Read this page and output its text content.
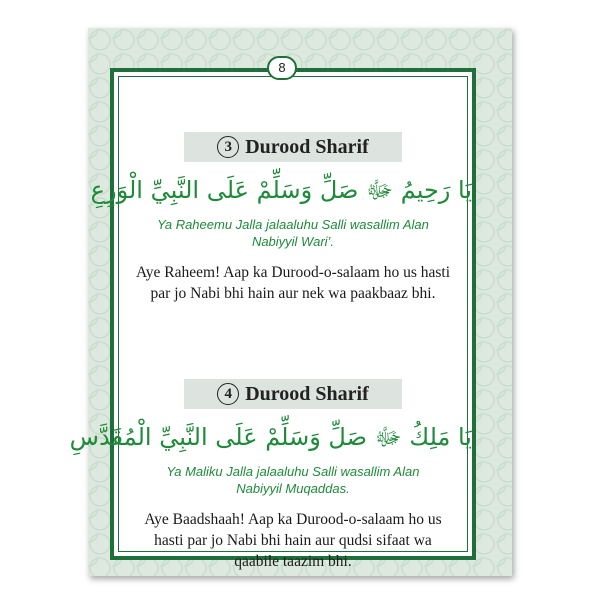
8
3 Durood Sharif
يَا رَحِيمُ ﷻ صَلِّ وَسَلِّمْ عَلَى النَّبِيِّ الْوَرِعِ
Ya Raheemu Jalla jalaaluhu Salli wasallim Alan Nabiyyil Wari’.
Aye Raheem! Aap ka Durood-o-salaam ho us hasti par jo Nabi bhi hain aur nek wa paakbaaz bhi.
4 Durood Sharif
يَا مَلِكُ ﷻ صَلِّ وَسَلِّمْ عَلَى النَّبِيِّ الْمُقَدَّسِ
Ya Maliku Jalla jalaaluhu Salli wasallim Alan Nabiyyil Muqaddas.
Aye Baadshaah! Aap ka Durood-o-salaam ho us hasti par jo Nabi bhi hain aur qudsi sifaat wa qaabile taazim bhi.
